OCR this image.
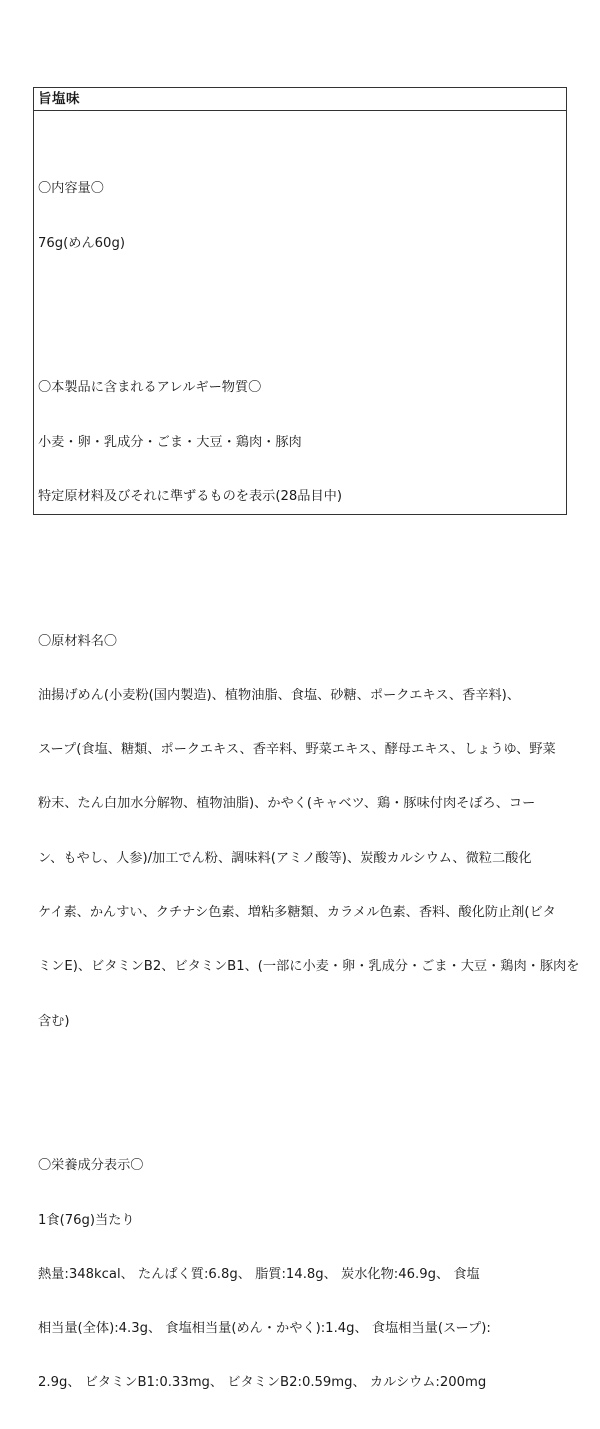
旨塩味

〇内容量〇

76g(めん60g)

〇本製品に含まれるアレルギー物質〇

小麦・卵・乳成分・ごま・大豆・鶏肉・豚肉

特定原材料及びそれに準ずるものを表示(28品目中)

〇原材料名〇

油揚げめん(小麦粉(国内製造)、植物油脂、食塩、砂糖、ポークエキス、香辛料)、

スープ(食塩、糖類、ポークエキス、香辛料、野菜エキス、酵母エキス、しょうゆ、野菜

粉末、たん白加水分解物、植物油脂)、かやく(キャベツ、鶏・豚味付肉そぼろ、コー

ン、もやし、人参)/加工でん粉、調味料(アミノ酸等)、炭酸カルシウム、微粒二酸化

ケイ素、かんすい、クチナシ色素、増粘多糖類、カラメル色素、香料、酸化防止剤(ビタ

ミンE)、ビタミンB2、ビタミンB1、(一部に小麦・卵・乳成分・ごま・大豆・鶏肉・豚肉を

含む)

〇栄養成分表示〇

1食(76g)当たり

熱量:348kcal、 たんぱく質:6.8g、 脂質:14.8g、 炭水化物:46.9g、 食塩

相当量(全体):4.3g、 食塩相当量(めん・かやく):1.4g、 食塩相当量(スープ):

2.9g、 ビタミンB1:0.33mg、 ビタミンB2:0.59mg、 カルシウム:200mg
